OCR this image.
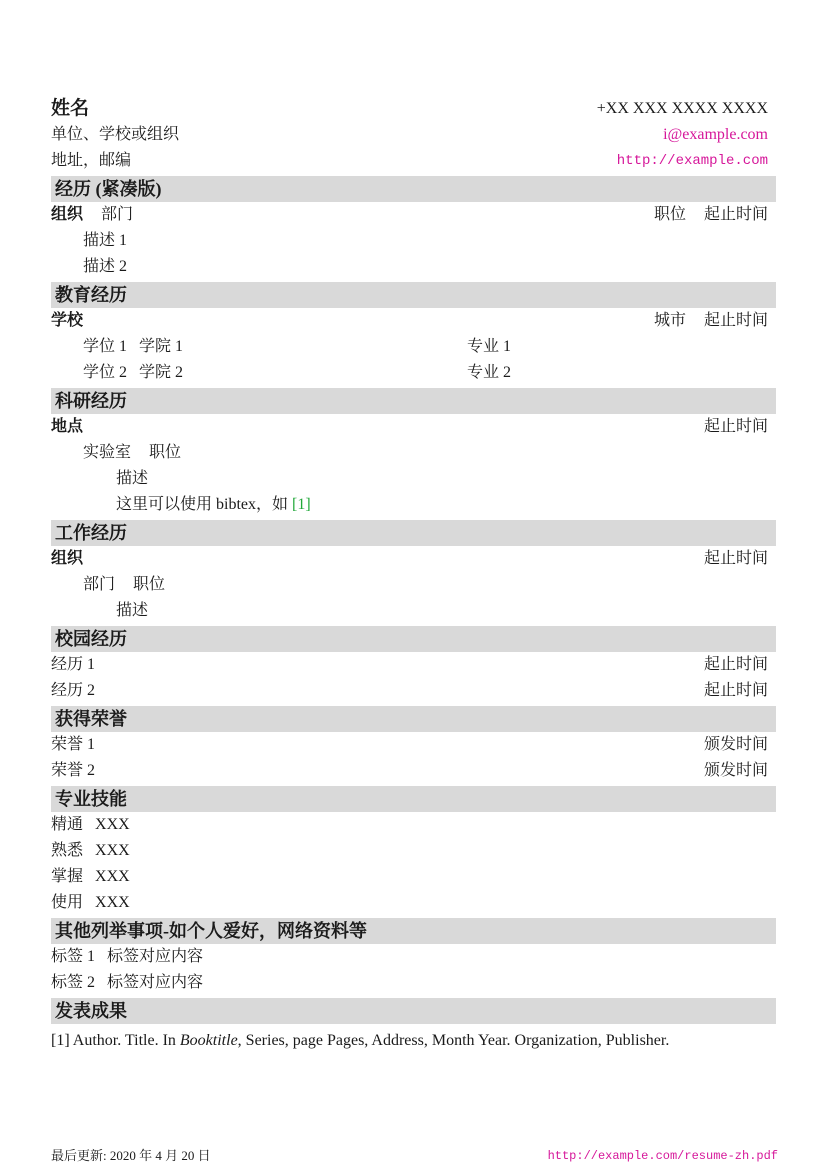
姓名	+XX XXX XXXX XXXX
单位、学校或组织	i@example.com
地址，邮编	http://example.com
经历 (紧凑版)
组织 部门	职位 起止时间
描述 1
描述 2
教育经历
学校	城市 起止时间
学位 1 学院 1	专业 1
学位 2 学院 2	专业 2
科研经历
地点	起止时间
实验室 职位
描述
这里可以使用 bibtex，如 [1]
工作经历
组织	起止时间
部门 职位
描述
校园经历
经历 1	起止时间
经历 2	起止时间
获得荣誉
荣誉 1	颁发时间
荣誉 2	颁发时间
专业技能
精通 XXX
熟悉 XXX
掌握 XXX
使用 XXX
其他列举事项-如个人爱好，网络资料等
标签 1 标签对应内容
标签 2 标签对应内容
发表成果
[1] Author. Title. In Booktitle, Series, page Pages, Address, Month Year. Organization, Publisher.
最后更新: 2020 年 4 月 20 日	http://example.com/resume-zh.pdf
